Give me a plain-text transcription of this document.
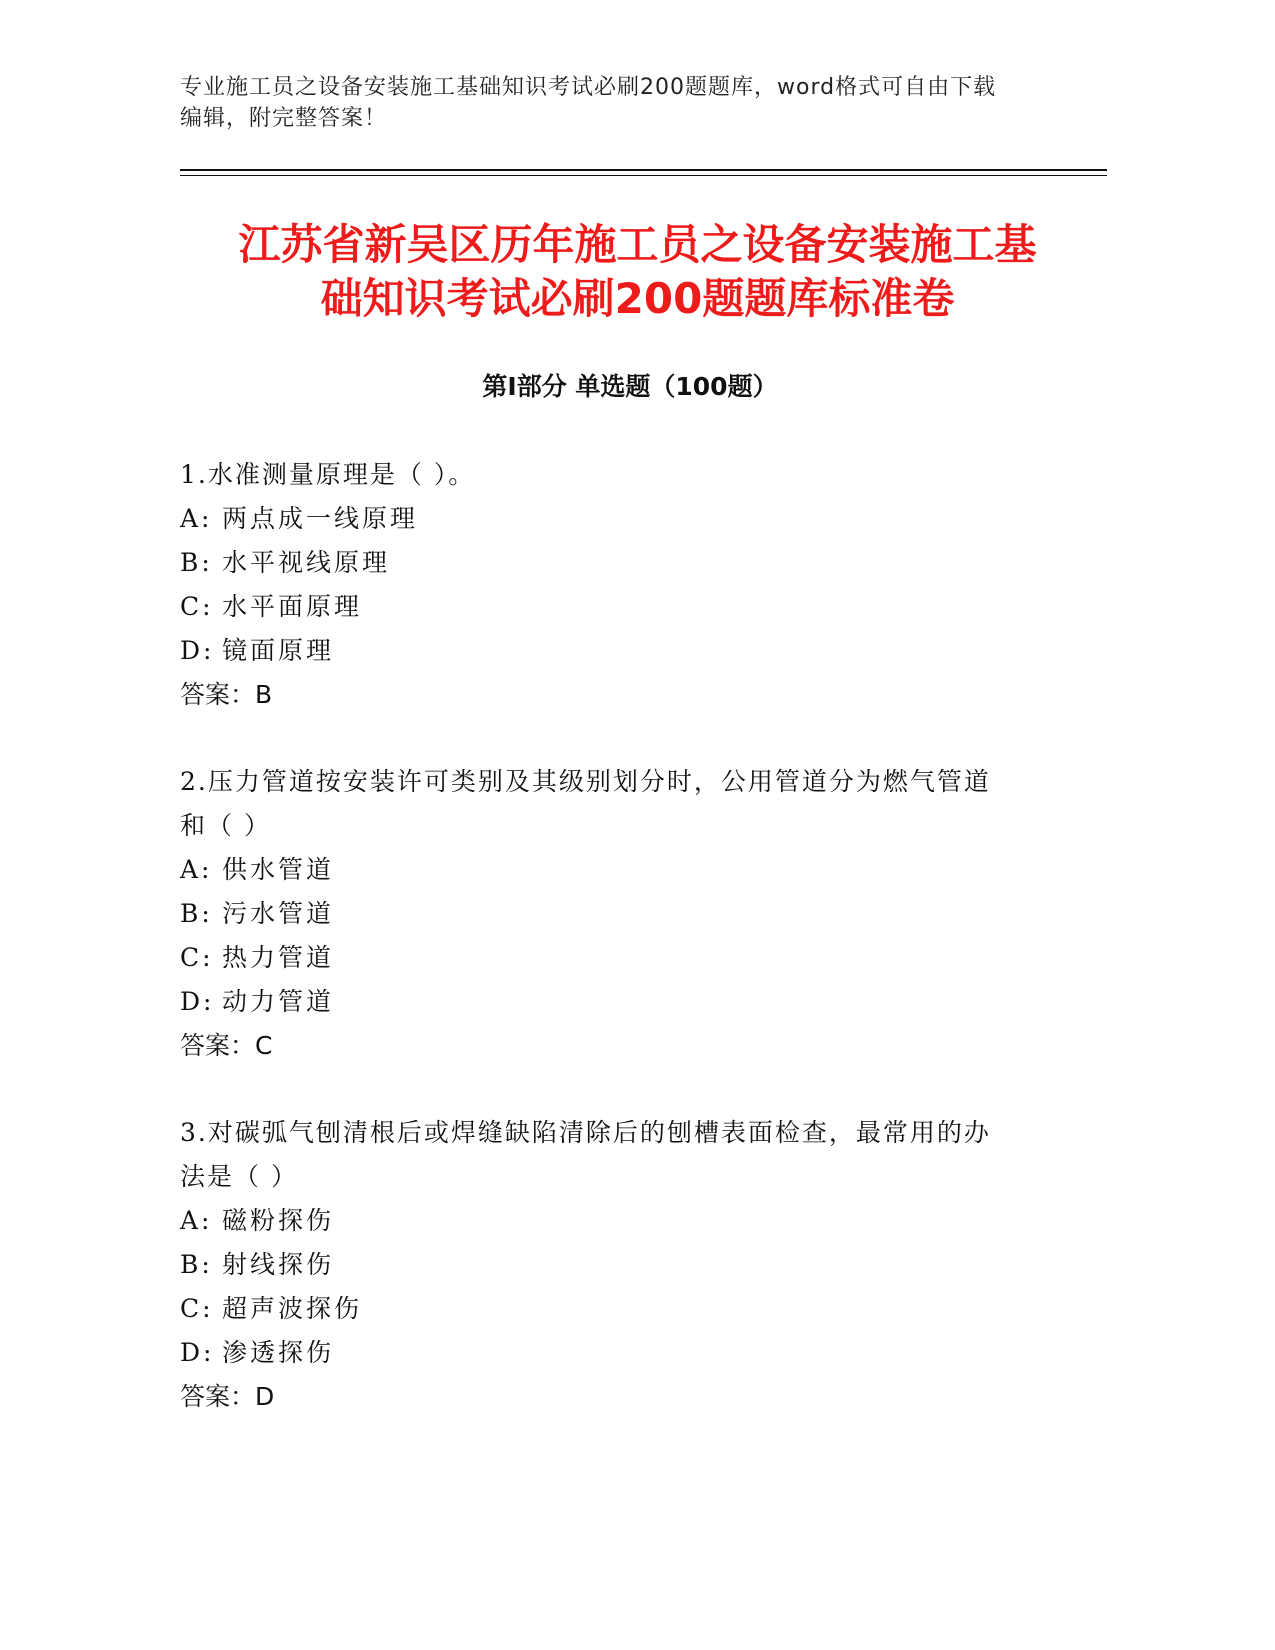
专业施工员之设备安装施工基础知识考试必刷200题题库，word格式可自由下载
编辑，附完整答案！
江苏省新吴区历年施工员之设备安装施工基
础知识考试必刷200题题库标准卷
第Ⅰ部分 单选题（100题）
1.水准测量原理是（ ）。
A: 两点成一线原理
B: 水平视线原理
C: 水平面原理
D: 镜面原理
答案：B
2.压力管道按安装许可类别及其级别划分时，公用管道分为燃气管道
和（ ）
A: 供水管道
B: 污水管道
C: 热力管道
D: 动力管道
答案：C
3.对碳弧气刨清根后或焊缝缺陷清除后的刨槽表面检查，最常用的办
法是（ ）
A: 磁粉探伤
B: 射线探伤
C: 超声波探伤
D: 渗透探伤
答案：D
